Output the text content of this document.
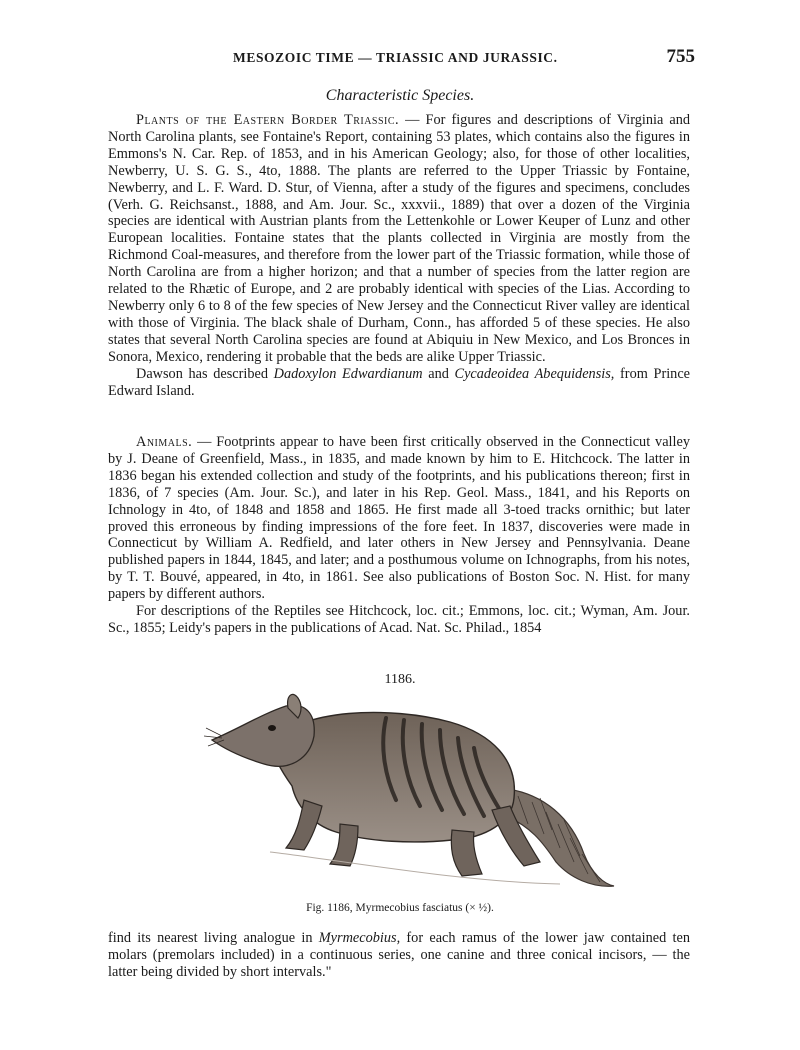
MESOZOIC TIME — TRIASSIC AND JURASSIC.	755
Characteristic Species.

Plants of the Eastern Border Triassic. — For figures and descriptions of Virginia and North Carolina plants, see Fontaine's Report, containing 53 plates, which contains also the figures in Emmons's N. Car. Rep. of 1853, and in his American Geology; also, for those of other localities, Newberry, U. S. G. S., 4to, 1888. The plants are referred to the Upper Triassic by Fontaine, Newberry, and L. F. Ward. D. Stur, of Vienna, after a study of the figures and specimens, concludes (Verh. G. Reichsanst., 1888, and Am. Jour. Sc., xxxvii., 1889) that over a dozen of the Virginia species are identical with Austrian plants from the Lettenkohle or Lower Keuper of Lunz and other European localities. Fontaine states that the plants collected in Virginia are mostly from the Richmond Coal-measures, and therefore from the lower part of the Triassic formation, while those of North Carolina are from a higher horizon; and that a number of species from the latter region are related to the Rhætic of Europe, and 2 are probably identical with species of the Lias. According to Newberry only 6 to 8 of the few species of New Jersey and the Connecticut River valley are identical with those of Virginia. The black shale of Durham, Conn., has afforded 5 of these species. He also states that several North Carolina species are found at Abiquiu in New Mexico, and Los Bronces in Sonora, Mexico, rendering it probable that the beds are alike Upper Triassic.

Dawson has described Dadoxylon Edwardianum and Cycadeoidea Abequidensis, from Prince Edward Island.

Animals. — Footprints appear to have been first critically observed in the Connecticut valley by J. Deane of Greenfield, Mass., in 1835, and made known by him to E. Hitchcock. The latter in 1836 began his extended collection and study of the footprints, and his publications thereon; first in 1836, of 7 species (Am. Jour. Sc.), and later in his Rep. Geol. Mass., 1841, and his Reports on Ichnology in 4to, of 1848 and 1858 and 1865. He first made all 3-toed tracks ornithic; but later proved this erroneous by finding impressions of the fore feet. In 1837, discoveries were made in Connecticut by William A. Redfield, and later others in New Jersey and Pennsylvania. Deane published papers in 1844, 1845, and later; and a posthumous volume on Ichnographs, from his notes, by T. T. Bouvé, appeared, in 4to, in 1861. See also publications of Boston Soc. N. Hist. for many papers by different authors.

For descriptions of the Reptiles see Hitchcock, loc. cit.; Emmons, loc. cit.; Wyman, Am. Jour. Sc., 1855; Leidy's papers in the publications of Acad. Nat. Sc. Philad., 1854

1186.
Fig. 1186, Myrmecobius fasciatus (× ½).

find its nearest living analogue in Myrmecobius, for each ramus of the lower jaw contained ten molars (premolars included) in a continuous series, one canine and three conical incisors, — the latter being divided by short intervals."
